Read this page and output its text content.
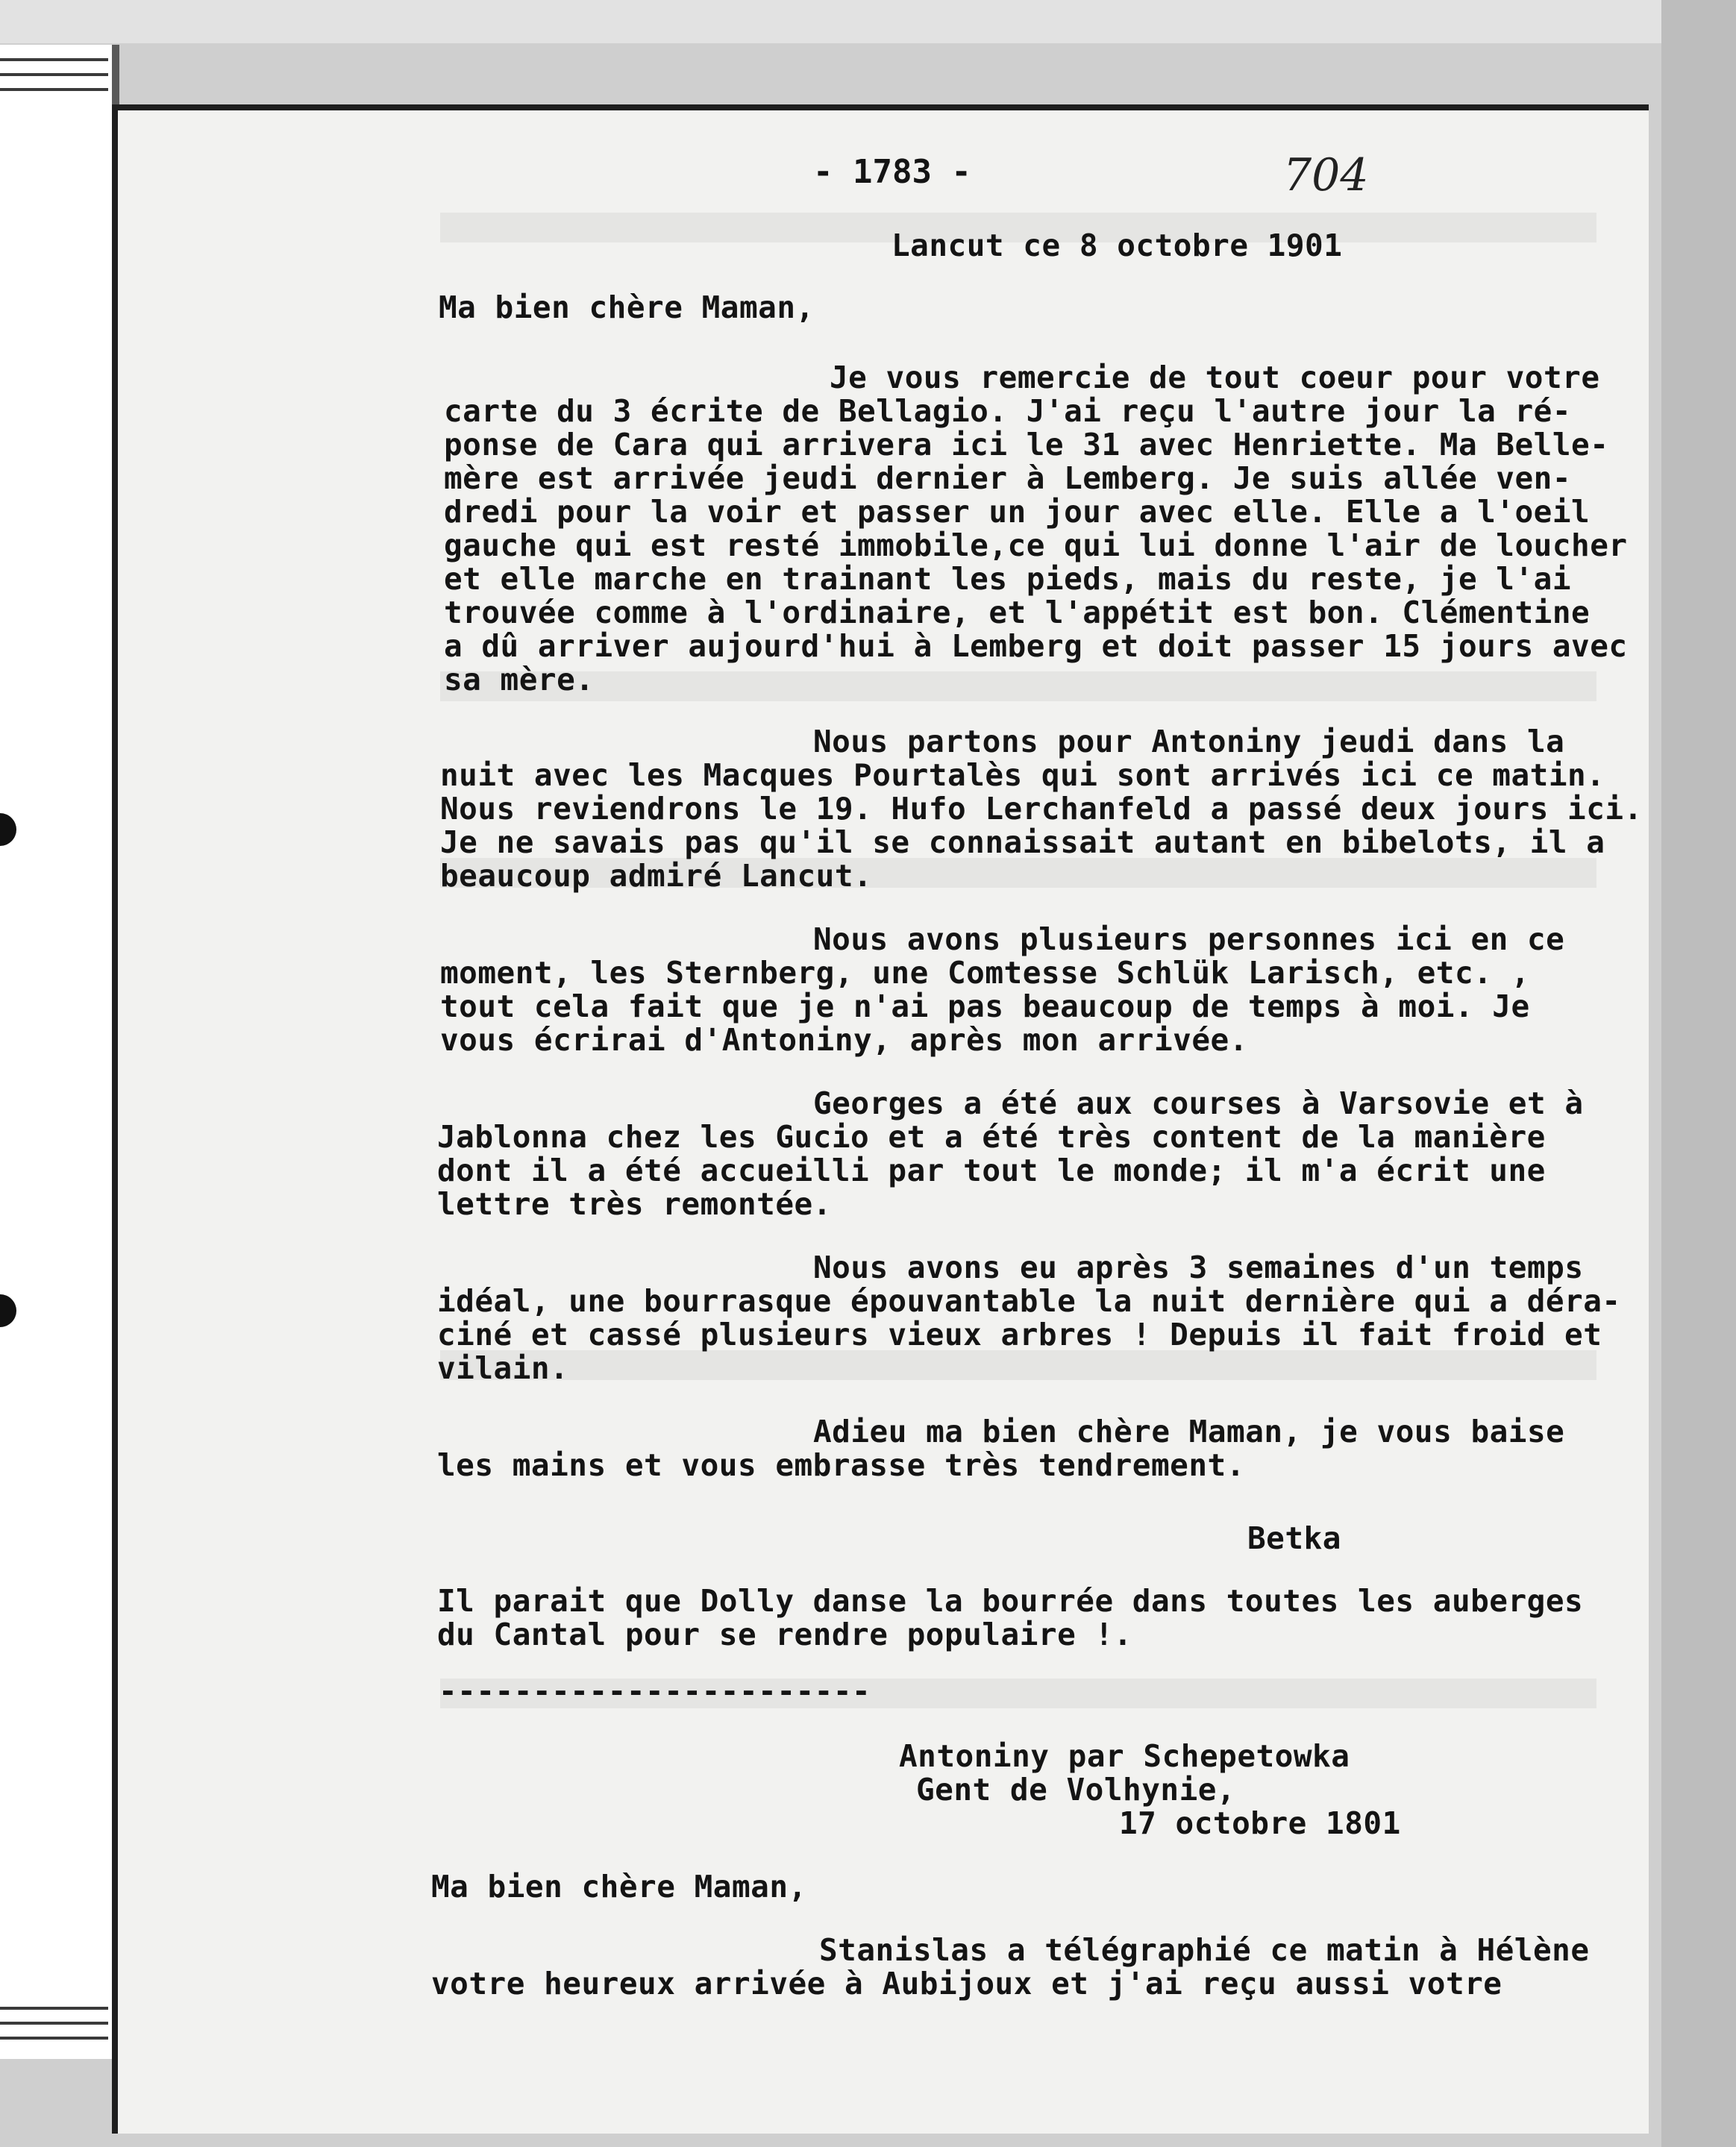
- 1783 -	704
Lancut ce 8 octobre 1901
Ma bien chère Maman,
Je vous remercie de tout coeur pour votre
carte du 3 écrite de Bellagio. J'ai reçu l'autre jour la ré-
ponse de Cara qui arrivera ici le 31 avec Henriette. Ma Belle-
mère est arrivée jeudi dernier à Lemberg. Je suis allée ven-
dredi pour la voir et passer un jour avec elle. Elle a l'oeil
gauche qui est resté immobile,ce qui lui donne l'air de loucher
et elle marche en trainant les pieds, mais du reste, je l'ai
trouvée comme à l'ordinaire, et l'appétit est bon. Clémentine
a dû arriver aujourd'hui à Lemberg et doit passer 15 jours avec
sa mère.
Nous partons pour Antoniny jeudi dans la
nuit avec les Macques Pourtalès qui sont arrivés ici ce matin.
Nous reviendrons le 19. Hufo Lerchanfeld a passé deux jours ici.
Je ne savais pas qu'il se connaissait autant en bibelots, il a
beaucoup admiré Lancut.
Nous avons plusieurs personnes ici en ce
moment, les Sternberg, une Comtesse Schlük Larisch, etc. ,
tout cela fait que je n'ai pas beaucoup de temps à moi. Je
vous écrirai d'Antoniny, après mon arrivée.
Georges a été aux courses à Varsovie et à
Jablonna chez les Gucio et a été très content de la manière
dont il a été accueilli par tout le monde; il m'a écrit une
lettre très remontée.
Nous avons eu après 3 semaines d'un temps
idéal, une bourrasque épouvantable la nuit dernière qui a déra-
ciné et cassé plusieurs vieux arbres ! Depuis il fait froid et
vilain.
Adieu ma bien chère Maman, je vous baise
les mains et vous embrasse très tendrement.
Betka
Il parait que Dolly danse la bourrée dans toutes les auberges
du Cantal pour se rendre populaire !.
-----------------------
Antoniny par Schepetowka
Gent de Volhynie,
17 octobre 1801
Ma bien chère Maman,
Stanislas a télégraphié ce matin à Hélène
votre heureux arrivée à Aubijoux et j'ai reçu aussi votre
